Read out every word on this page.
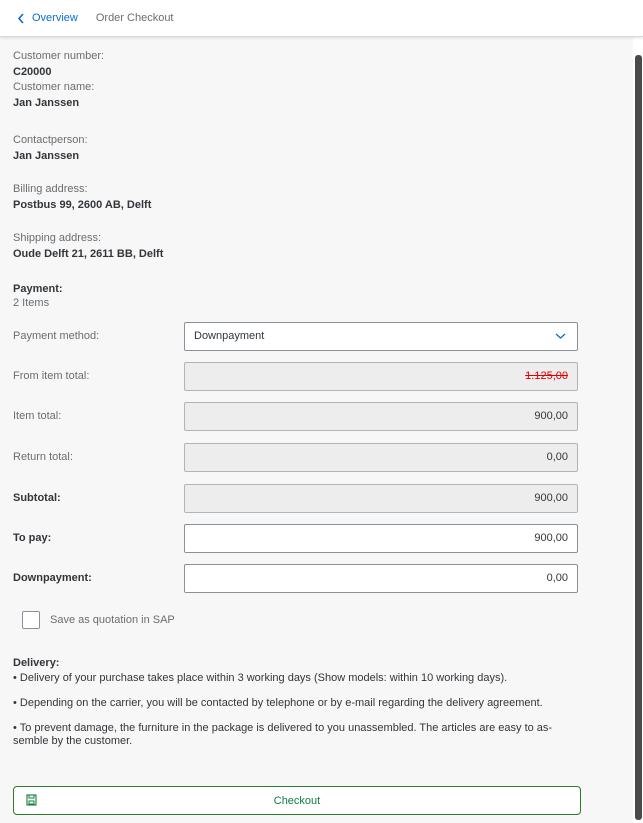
Overview Order Checkout
Customer number:
C20000
Customer name:
Jan Janssen
Contactperson:
Jan Janssen
Billing address:
Postbus 99, 2600 AB, Delft
Shipping address:
Oude Delft 21, 2611 BB, Delft
Payment:
2 Items
Payment method:	Downpayment
From item total:	1.125,00
Item total:	900,00
Return total:	0,00
Subtotal:	900,00
To pay:	900,00
Downpayment:	0,00
Save as quotation in SAP
Delivery:
• Delivery of your purchase takes place within 3 working days (Show models: within 10 working days).
• Depending on the carrier, you will be contacted by telephone or by e-mail regarding the delivery agreement.
• To prevent damage, the furniture in the package is delivered to you unassembled. The articles are easy to as-
semble by the customer.
Checkout
